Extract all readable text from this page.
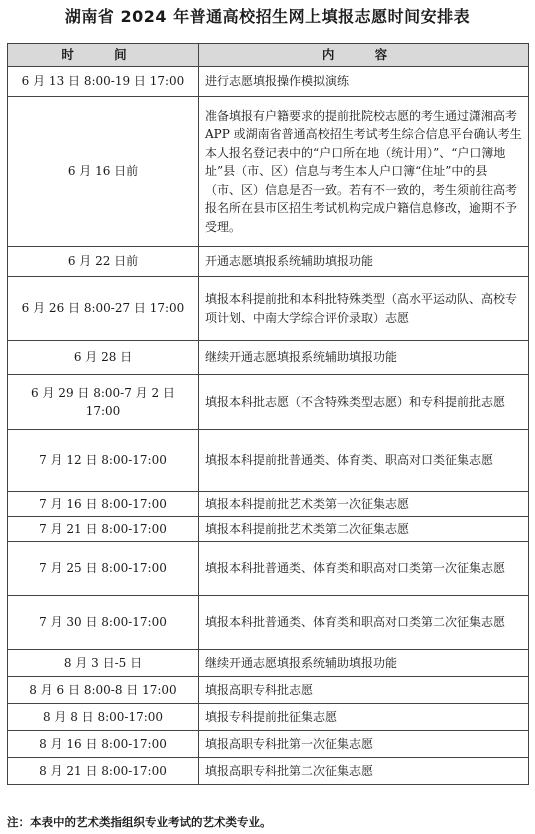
湖南省 2024 年普通高校招生网上填报志愿时间安排表
时 间	内 容
6 月 13 日 8:00-19 日 17:00	进行志愿填报操作模拟演练
6 月 16 日前	准备填报有户籍要求的提前批院校志愿的考生通过潇湘高考 APP 或湖南省普通高校招生考试考生综合信息平台确认考生本人报名登记表中的“户口所在地（统计用）”、“户口簿地址”县（市、区）信息与考生本人户口簿“住址”中的县（市、区）信息是否一致。若有不一致的，考生须前往高考报名所在县市区招生考试机构完成户籍信息修改，逾期不予受理。
6 月 22 日前	开通志愿填报系统辅助填报功能
6 月 26 日 8:00-27 日 17:00	填报本科提前批和本科批特殊类型（高水平运动队、高校专项计划、中南大学综合评价录取）志愿
6 月 28 日	继续开通志愿填报系统辅助填报功能
6 月 29 日 8:00-7 月 2 日 17:00	填报本科批志愿（不含特殊类型志愿）和专科提前批志愿
7 月 12 日 8:00-17:00	填报本科提前批普通类、体育类、职高对口类征集志愿
7 月 16 日 8:00-17:00	填报本科提前批艺术类第一次征集志愿
7 月 21 日 8:00-17:00	填报本科提前批艺术类第二次征集志愿
7 月 25 日 8:00-17:00	填报本科批普通类、体育类和职高对口类第一次征集志愿
7 月 30 日 8:00-17:00	填报本科批普通类、体育类和职高对口类第二次征集志愿
8 月 3 日-5 日	继续开通志愿填报系统辅助填报功能
8 月 6 日 8:00-8 日 17:00	填报高职专科批志愿
8 月 8 日 8:00-17:00	填报专科提前批征集志愿
8 月 16 日 8:00-17:00	填报高职专科批第一次征集志愿
8 月 21 日 8:00-17:00	填报高职专科批第二次征集志愿
注：本表中的艺术类指组织专业考试的艺术类专业。
